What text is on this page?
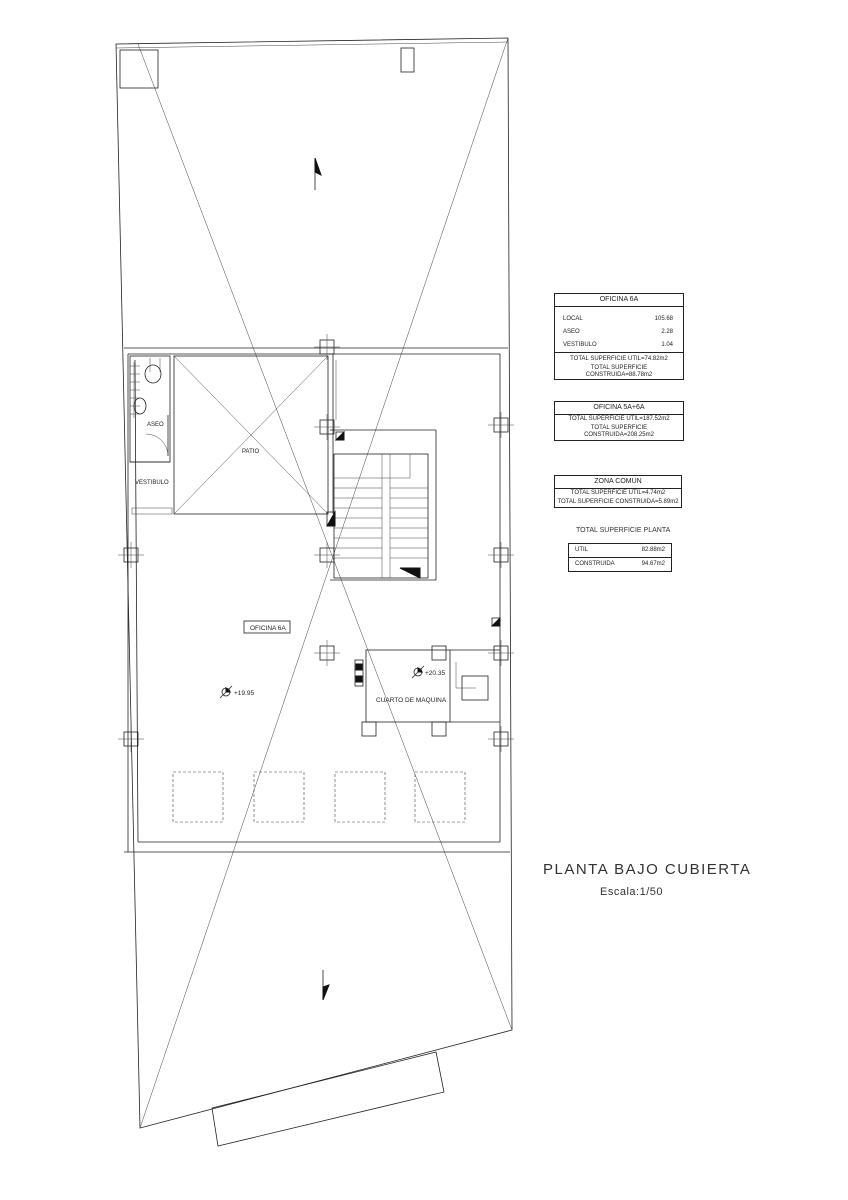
ASEO
PATIO
VESTIBULO
OFICINA 6A
CUARTO DE MAQUINA
+19.95
+20.35
OFICINA 6A
LOCAL	105.68
ASEO	2.28
VESTIBULO	1.04
TOTAL SUPERFICIE UTIL=74.82m2
TOTAL SUPERFICIE CONSTRUIDA=88.78m2
OFICINA 5A+6A
TOTAL SUPERFICIE UTIL=187.52m2
TOTAL SUPERFICIE CONSTRUIDA=208.25m2
ZONA COMUN
TOTAL SUPERFICIE UTIL=4.74m2
TOTAL SUPERFICIE CONSTRUIDA=5.89m2
TOTAL SUPERFICIE PLANTA
UTIL	82.88m2
CONSTRUIDA	94.67m2
PLANTA BAJO CUBIERTA
Escala:1/50
